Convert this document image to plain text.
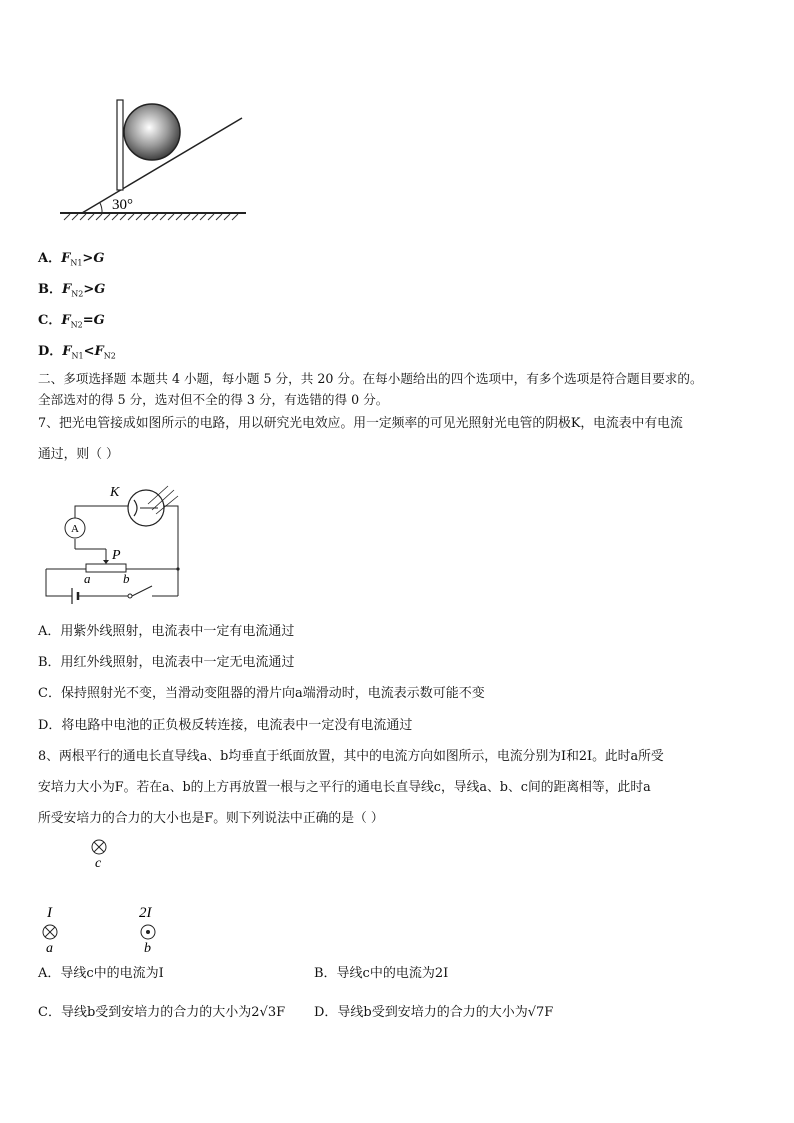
30°
A．$F_{N1}>G$
B．$F_{N2}>G$
C．$F_{N2}=G$
D．$F_{N1}<F_{N2}$
二、多项选择题 本题共 4 小题，每小题 5 分，共 20 分。在每小题给出的四个选项中，有多个选项是符合题目要求的。
全部选对的得 5 分，选对但不全的得 3 分，有选错的得 0 分。
7、把光电管接成如图所示的电路，用以研究光电效应。用一定频率的可见光照射光电管的阴极K，电流表中有电流
通过，则（ ）
A
K
P
a	b
A．用紫外线照射，电流表中一定有电流通过
B．用红外线照射，电流表中一定无电流通过
C．保持照射光不变，当滑动变阻器的滑片向a端滑动时，电流表示数可能不变
D．将电路中电池的正负极反转连接，电流表中一定没有电流通过
8、两根平行的通电长直导线a、b均垂直于纸面放置，其中的电流方向如图所示，电流分别为I和2I。此时a所受
安培力大小为F。若在a、b的上方再放置一根与之平行的通电长直导线c，导线a、b、c间的距离相等，此时a
所受安培力的合力的大小也是F。则下列说法中正确的是（ ）
c
I
a
2I
b
A．导线c中的电流为I	B．导线c中的电流为2I
C．导线b受到安培力的合力的大小为2√3F D．导线b受到安培力的合力的大小为√7F
